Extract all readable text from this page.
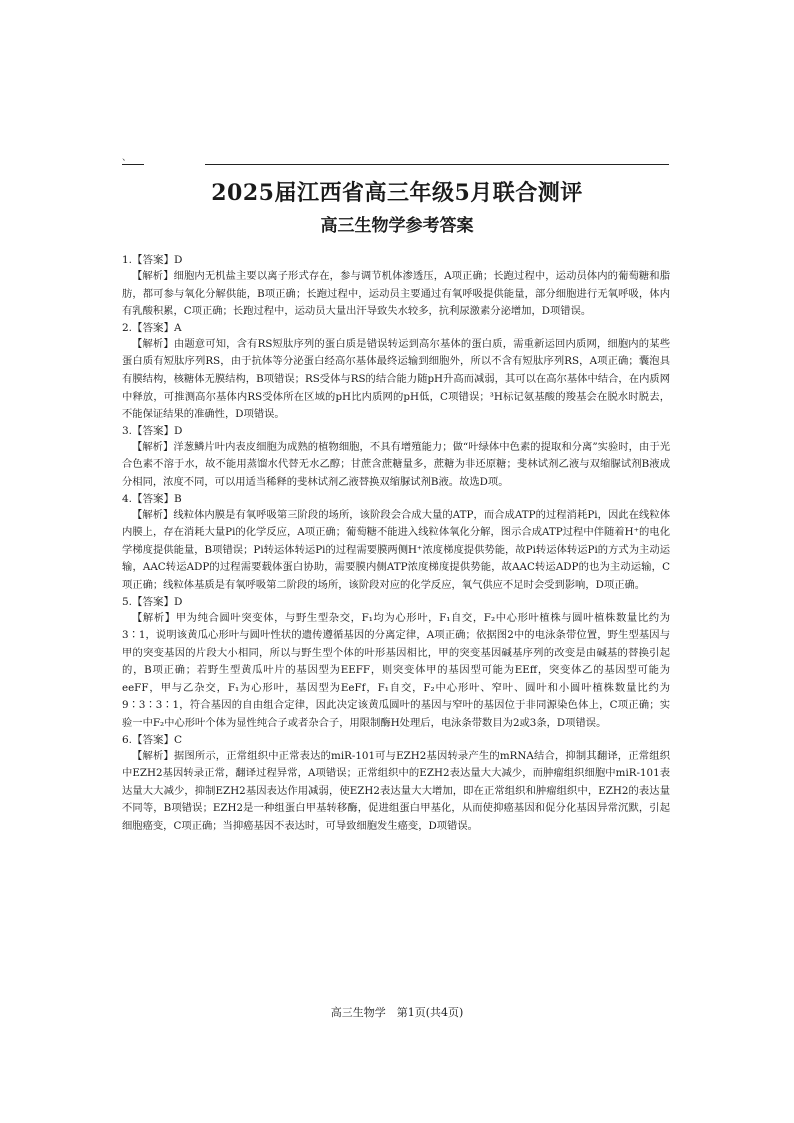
、
2025届江西省高三年级5月联合测评
高三生物学参考答案

1.【答案】D

【解析】细胞内无机盐主要以离子形式存在，参与调节机体渗透压，A项正确；长跑过程中，运动员体内的葡萄糖和脂肪，都可参与氧化分解供能，B项正确；长跑过程中，运动员主要通过有氧呼吸提供能量，部分细胞进行无氧呼吸，体内有乳酸积累，C项正确；长跑过程中，运动员大量出汗导致失水较多，抗利尿激素分泌增加，D项错误。

2.【答案】A

【解析】由题意可知，含有RS短肽序列的蛋白质是错误转运到高尔基体的蛋白质，需重新运回内质网，细胞内的某些蛋白质有短肽序列RS，由于抗体等分泌蛋白经高尔基体最终运输到细胞外，所以不含有短肽序列RS，A项正确；囊泡具有膜结构，核糖体无膜结构，B项错误；RS受体与RS的结合能力随pH升高而减弱，其可以在高尔基体中结合，在内质网中释放，可推测高尔基体内RS受体所在区域的pH比内质网的pH低，C项错误；³H标记氨基酸的羧基会在脱水时脱去，不能保证结果的准确性，D项错误。

3.【答案】D

【解析】洋葱鳞片叶内表皮细胞为成熟的植物细胞，不具有增殖能力；做“叶绿体中色素的提取和分离”实验时，由于光合色素不溶于水，故不能用蒸馏水代替无水乙醇；甘蔗含蔗糖量多，蔗糖为非还原糖；斐林试剂乙液与双缩脲试剂B液成分相同，浓度不同，可以用适当稀释的斐林试剂乙液替换双缩脲试剂B液。故选D项。

4.【答案】B

【解析】线粒体内膜是有氧呼吸第三阶段的场所，该阶段会合成大量的ATP，而合成ATP的过程消耗Pi，因此在线粒体内膜上，存在消耗大量Pi的化学反应，A项正确；葡萄糖不能进入线粒体氧化分解，图示合成ATP过程中伴随着H⁺的电化学梯度提供能量，B项错误；Pi转运体转运Pi的过程需要膜两侧H⁺浓度梯度提供势能，故Pi转运体转运Pi的方式为主动运输，AAC转运ADP的过程需要载体蛋白协助，需要膜内侧ATP浓度梯度提供势能，故AAC转运ADP的也为主动运输，C项正确；线粒体基质是有氧呼吸第二阶段的场所，该阶段对应的化学反应，氧气供应不足时会受到影响，D项正确。

5.【答案】D

【解析】甲为纯合圆叶突变体，与野生型杂交，F₁均为心形叶，F₁自交，F₂中心形叶植株与圆叶植株数量比约为3∶1，说明该黄瓜心形叶与圆叶性状的遗传遵循基因的分离定律，A项正确；依据图2中的电泳条带位置，野生型基因与甲的突变基因的片段大小相同，所以与野生型个体的叶形基因相比，甲的突变基因碱基序列的改变是由碱基的替换引起的，B项正确；若野生型黄瓜叶片的基因型为EEFF，则突变体甲的基因型可能为EEff，突变体乙的基因型可能为eeFF，甲与乙杂交，F₁为心形叶，基因型为EeFf，F₁自交，F₂中心形叶、窄叶、圆叶和小圆叶植株数量比约为9∶3∶3∶1，符合基因的自由组合定律，因此决定该黄瓜圆叶的基因与窄叶的基因位于非同源染色体上，C项正确；实验一中F₂中心形叶个体为显性纯合子或者杂合子，用限制酶H处理后，电泳条带数目为2或3条，D项错误。

6.【答案】C

【解析】据图所示，正常组织中正常表达的miR-101可与EZH2基因转录产生的mRNA结合，抑制其翻译，正常组织中EZH2基因转录正常，翻译过程异常，A项错误；正常组织中的EZH2表达量大大减少，而肿瘤组织细胞中miR-101表达量大大减少，抑制EZH2基因表达作用减弱，使EZH2表达量大大增加，即在正常组织和肿瘤组织中，EZH2的表达量不同等，B项错误；EZH2是一种组蛋白甲基转移酶，促进组蛋白甲基化，从而使抑癌基因和促分化基因异常沉默，引起细胞癌变，C项正确；当抑癌基因不表达时，可导致细胞发生癌变，D项错误。

高三生物学　第1页(共4页)
